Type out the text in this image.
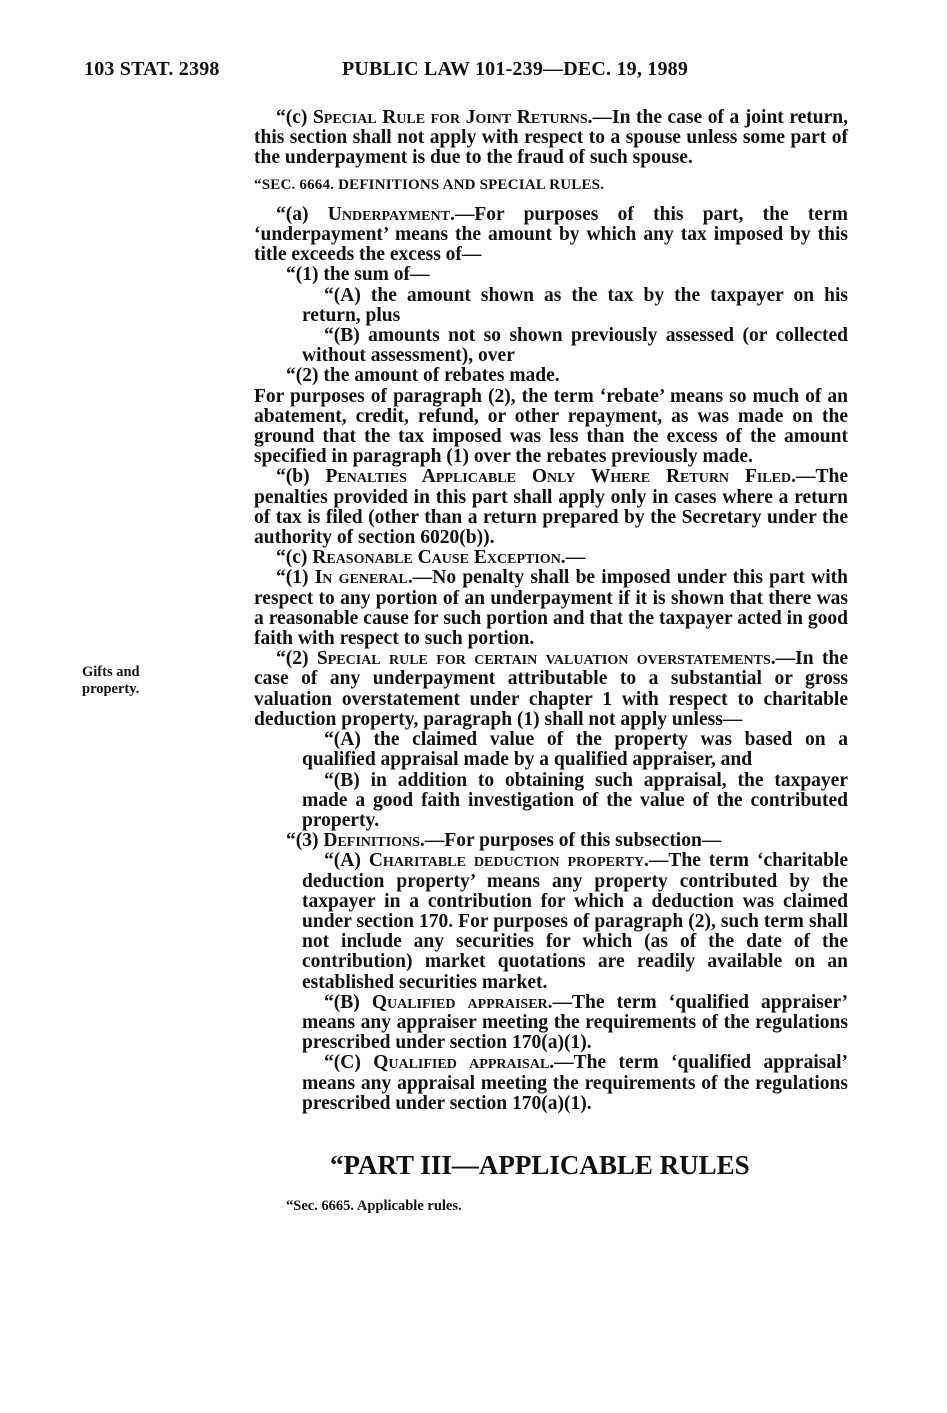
103 STAT. 2398	PUBLIC LAW 101-239—DEC. 19, 1989
Gifts and property.

“(c) Special Rule for Joint Returns.—In the case of a joint return, this section shall not apply with respect to a spouse unless some part of the underpayment is due to the fraud of such spouse.

“SEC. 6664. DEFINITIONS AND SPECIAL RULES.

“(a) Underpayment.—For purposes of this part, the term ‘underpayment’ means the amount by which any tax imposed by this title exceeds the excess of—

“(1) the sum of—

“(A) the amount shown as the tax by the taxpayer on his return, plus

“(B) amounts not so shown previously assessed (or collected without assessment), over

“(2) the amount of rebates made.

For purposes of paragraph (2), the term ‘rebate’ means so much of an abatement, credit, refund, or other repayment, as was made on the ground that the tax imposed was less than the excess of the amount specified in paragraph (1) over the rebates previously made.

“(b) Penalties Applicable Only Where Return Filed.—The penalties provided in this part shall apply only in cases where a return of tax is filed (other than a return prepared by the Secretary under the authority of section 6020(b)).

“(c) Reasonable Cause Exception.—

“(1) In general.—No penalty shall be imposed under this part with respect to any portion of an underpayment if it is shown that there was a reasonable cause for such portion and that the taxpayer acted in good faith with respect to such portion.

“(2) Special rule for certain valuation overstatements.—In the case of any underpayment attributable to a substantial or gross valuation overstatement under chapter 1 with respect to charitable deduction property, paragraph (1) shall not apply unless—

“(A) the claimed value of the property was based on a qualified appraisal made by a qualified appraiser, and

“(B) in addition to obtaining such appraisal, the taxpayer made a good faith investigation of the value of the contributed property.

“(3) Definitions.—For purposes of this subsection—

“(A) Charitable deduction property.—The term ‘charitable deduction property’ means any property contributed by the taxpayer in a contribution for which a deduction was claimed under section 170. For purposes of paragraph (2), such term shall not include any securities for which (as of the date of the contribution) market quotations are readily available on an established securities market.

“(B) Qualified appraiser.—The term ‘qualified appraiser’ means any appraiser meeting the requirements of the regulations prescribed under section 170(a)(1).

“(C) Qualified appraisal.—The term ‘qualified appraisal’ means any appraisal meeting the requirements of the regulations prescribed under section 170(a)(1).

“PART III—APPLICABLE RULES
“Sec. 6665. Applicable rules.
